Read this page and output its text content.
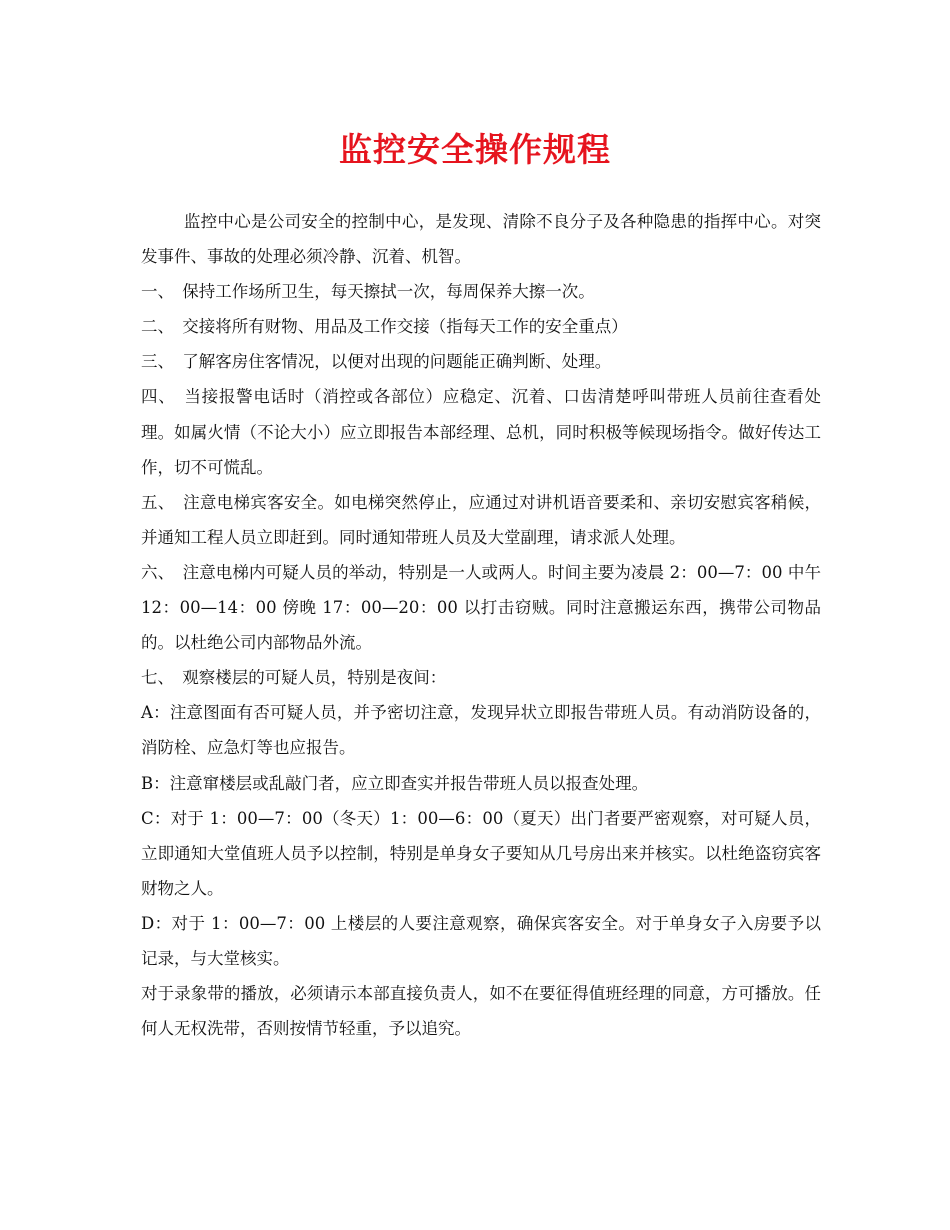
监控安全操作规程

监控中心是公司安全的控制中心，是发现、清除不良分子及各种隐患的指挥中心。对突发事件、事故的处理必须冷静、沉着、机智。

一、　保持工作场所卫生，每天擦拭一次，每周保养大擦一次。

二、　交接将所有财物、用品及工作交接（指每天工作的安全重点）

三、　了解客房住客情况，以便对出现的问题能正确判断、处理。

四、　当接报警电话时（消控或各部位）应稳定、沉着、口齿清楚呼叫带班人员前往查看处理。如属火情（不论大小）应立即报告本部经理、总机，同时积极等候现场指令。做好传达工作，切不可慌乱。

五、　注意电梯宾客安全。如电梯突然停止，应通过对讲机语音要柔和、亲切安慰宾客稍候，并通知工程人员立即赶到。同时通知带班人员及大堂副理，请求派人处理。

六、　注意电梯内可疑人员的举动，特别是一人或两人。时间主要为凌晨 2：00—7：00 中午 12：00—14：00 傍晚 17：00—20：00 以打击窃贼。同时注意搬运东西，携带公司物品的。以杜绝公司内部物品外流。

七、　观察楼层的可疑人员，特别是夜间：

A：注意图面有否可疑人员，并予密切注意，发现异状立即报告带班人员。有动消防设备的，消防栓、应急灯等也应报告。

B：注意窜楼层或乱敲门者，应立即查实并报告带班人员以报查处理。

C：对于 1：00—7：00（冬天）1：00—6：00（夏天）出门者要严密观察，对可疑人员，立即通知大堂值班人员予以控制，特别是单身女子要知从几号房出来并核实。以杜绝盗窃宾客财物之人。

D：对于 1：00—7：00 上楼层的人要注意观察，确保宾客安全。对于单身女子入房要予以记录，与大堂核实。

对于录象带的播放，必须请示本部直接负责人，如不在要征得值班经理的同意，方可播放。任何人无权洗带，否则按情节轻重，予以追究。
